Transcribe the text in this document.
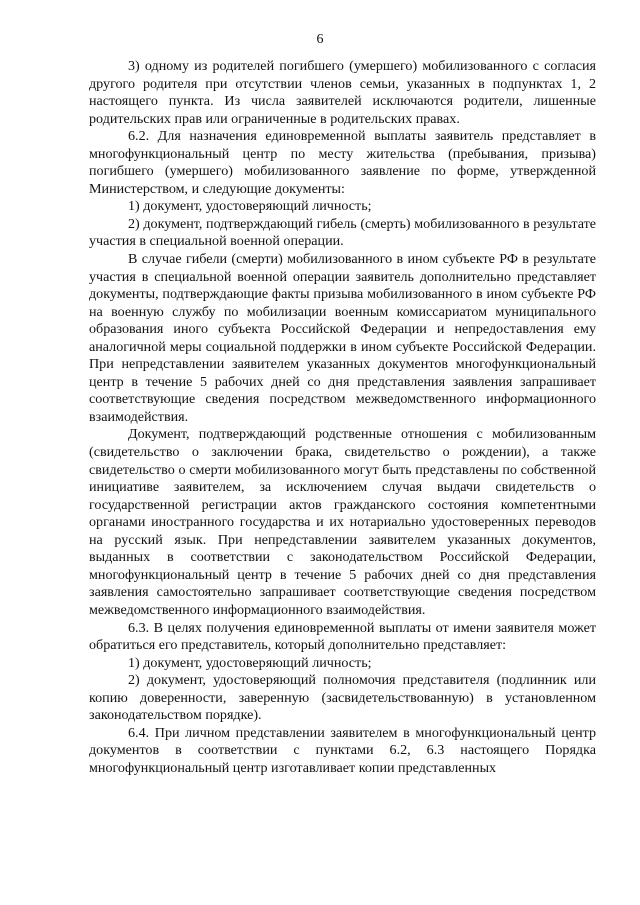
6

3) одному из родителей погибшего (умершего) мобилизованного с согласия другого родителя при отсутствии членов семьи, указанных в подпунктах 1, 2 настоящего пункта. Из числа заявителей исключаются родители, лишенные родительских прав или ограниченные в родительских правах.

6.2. Для назначения единовременной выплаты заявитель представляет в многофункциональный центр по месту жительства (пребывания, призыва) погибшего (умершего) мобилизованного заявление по форме, утвержденной Министерством, и следующие документы:

1) документ, удостоверяющий личность;

2) документ, подтверждающий гибель (смерть) мобилизованного в результате участия в специальной военной операции.

В случае гибели (смерти) мобилизованного в ином субъекте РФ в результате участия в специальной военной операции заявитель дополнительно представляет документы, подтверждающие факты призыва мобилизованного в ином субъекте РФ на военную службу по мобилизации военным комиссариатом муниципального образования иного субъекта Российской Федерации и непредоставления ему аналогичной меры социальной поддержки в ином субъекте Российской Федерации. При непредставлении заявителем указанных документов многофункциональный центр в течение 5 рабочих дней со дня представления заявления запрашивает соответствующие сведения посредством межведомственного информационного взаимодействия.

Документ, подтверждающий родственные отношения с мобилизованным (свидетельство о заключении брака, свидетельство о рождении), а также свидетельство о смерти мобилизованного могут быть представлены по собственной инициативе заявителем, за исключением случая выдачи свидетельств о государственной регистрации актов гражданского состояния компетентными органами иностранного государства и их нотариально удостоверенных переводов на русский язык. При непредставлении заявителем указанных документов, выданных в соответствии с законодательством Российской Федерации, многофункциональный центр в течение 5 рабочих дней со дня представления заявления самостоятельно запрашивает соответствующие сведения посредством межведомственного информационного взаимодействия.

6.3. В целях получения единовременной выплаты от имени заявителя может обратиться его представитель, который дополнительно представляет:

1) документ, удостоверяющий личность;

2) документ, удостоверяющий полномочия представителя (подлинник или копию доверенности, заверенную (засвидетельствованную) в установленном законодательством порядке).

6.4. При личном представлении заявителем в многофункциональный центр документов в соответствии с пунктами 6.2, 6.3 настоящего Порядка многофункциональный центр изготавливает копии представленных
